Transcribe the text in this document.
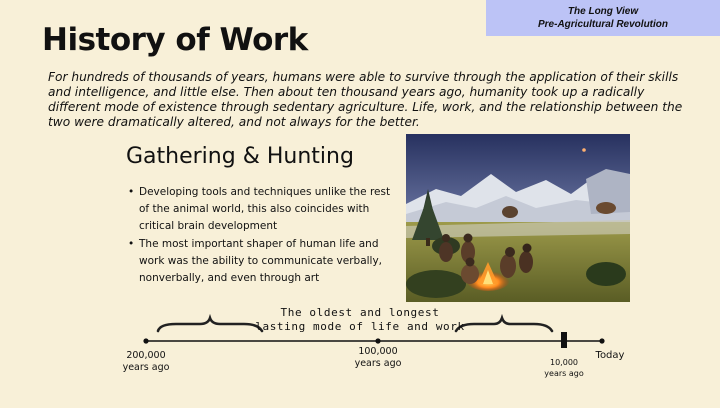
The Long View
Pre-Agricultural Revolution
History of Work

For hundreds of thousands of years, humans were able to survive through the application of their skills and intelligence, and little else. Then about ten thousand years ago, humanity took up a radically different mode of existence through sedentary agriculture. Life, work, and the relationship between the two were dramatically altered, and not always for the better.

Gathering & Hunting
• Developing tools and techniques unlike the rest of the animal world, this also coincides with critical brain development
• The most important shaper of human life and work was the ability to communicate verbally, nonverbally, and even through art
The oldest and longest
lasting mode of life and work
200,000
years ago
100,000
years ago	10,000
years ago
Today
